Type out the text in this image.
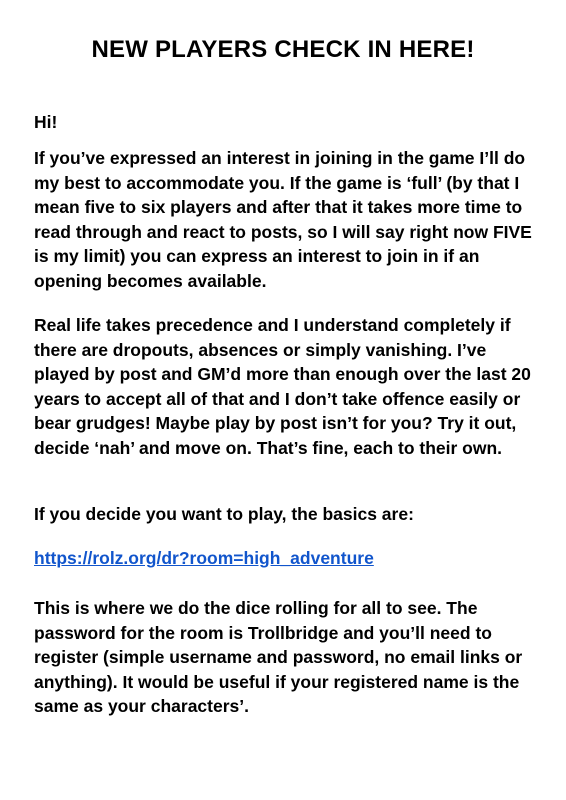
NEW PLAYERS CHECK IN HERE!

Hi!

If you’ve expressed an interest in joining in the game I’ll do my best to accommodate you. If the game is ‘full’ (by that I mean five to six players and after that it takes more time to read through and react to posts, so I will say right now FIVE is my limit) you can express an interest to join in if an opening becomes available.

Real life takes precedence and I understand completely if there are dropouts, absences or simply vanishing. I’ve played by post and GM’d more than enough over the last 20 years to accept all of that and I don’t take offence easily or bear grudges! Maybe play by post isn’t for you? Try it out, decide ‘nah’ and move on. That’s fine, each to their own.

If you decide you want to play, the basics are:

https://rolz.org/dr?room=high_adventure

This is where we do the dice rolling for all to see. The password for the room is Trollbridge and you’ll need to register (simple username and password, no email links or anything). It would be useful if your registered name is the same as your characters’.
